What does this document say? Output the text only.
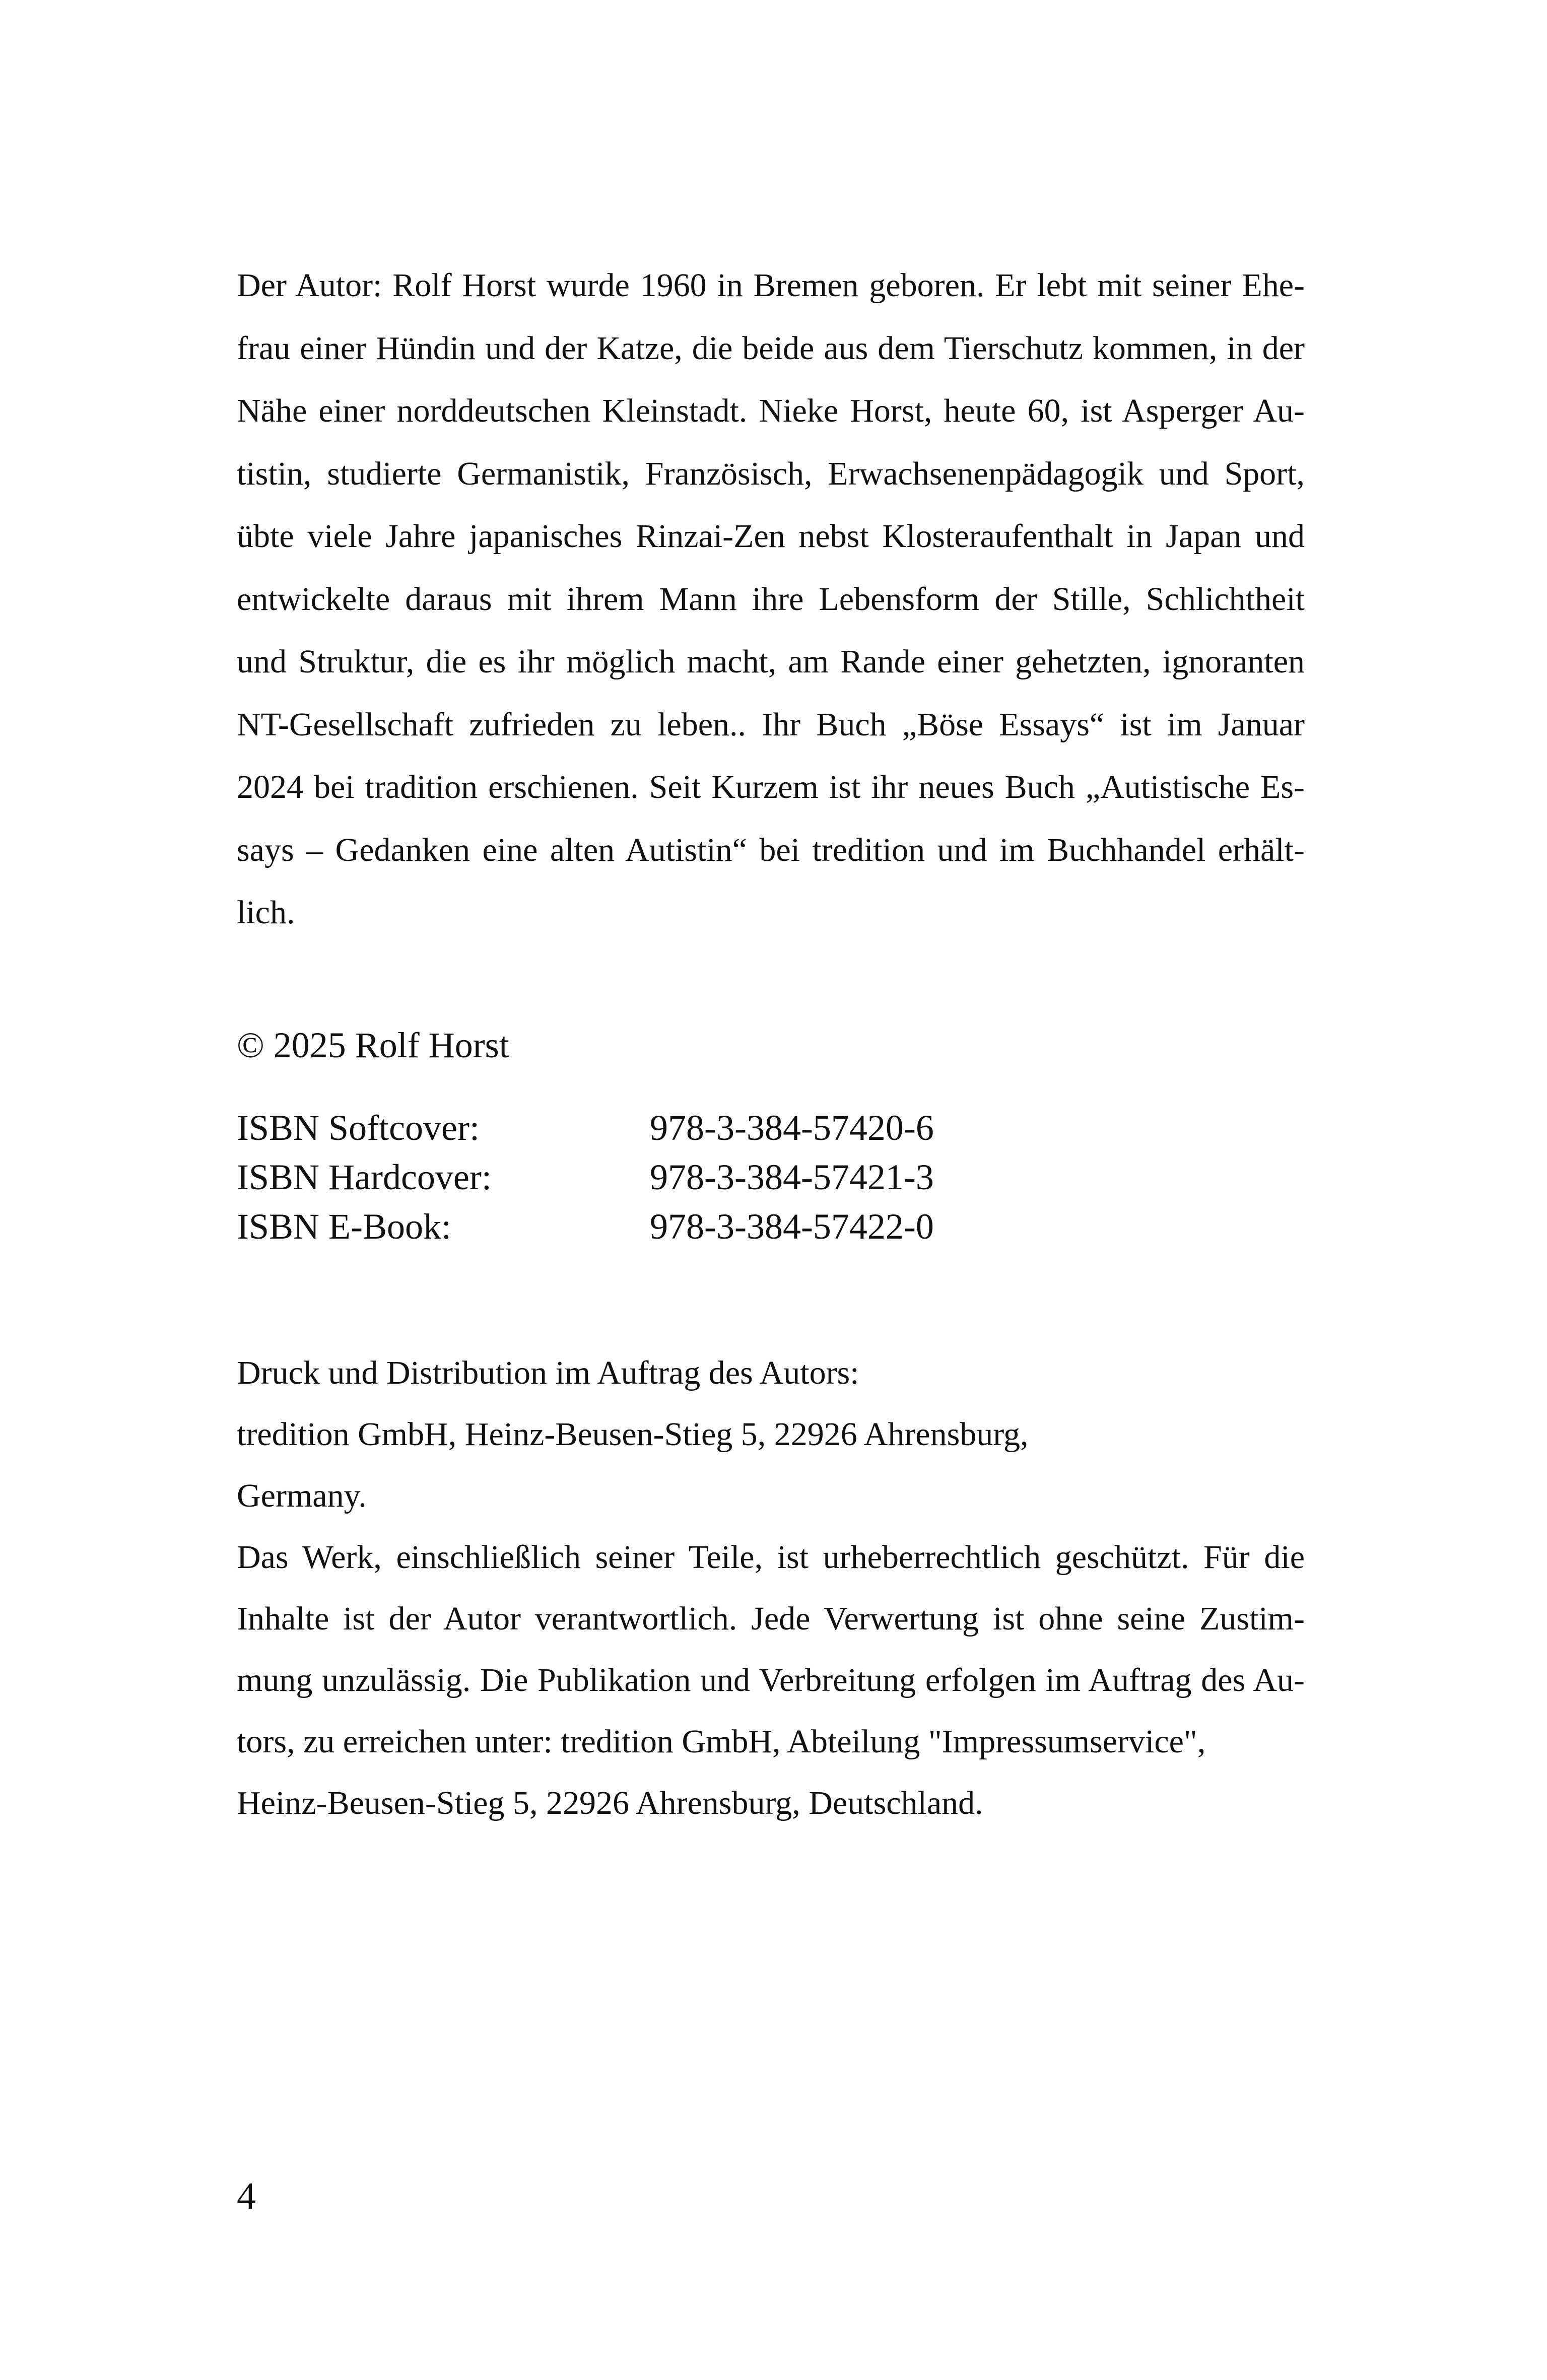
Der Autor: Rolf Horst wurde 1960 in Bremen geboren. Er lebt mit seiner Ehe-
frau einer Hündin und der Katze, die beide aus dem Tierschutz kommen, in der
Nähe einer norddeutschen Kleinstadt. Nieke Horst, heute 60, ist Asperger Au-
tistin, studierte Germanistik, Französisch, Erwachsenenpädagogik und Sport,
übte viele Jahre japanisches Rinzai-Zen nebst Klosteraufenthalt in Japan und
entwickelte daraus mit ihrem Mann ihre Lebensform der Stille, Schlichtheit
und Struktur, die es ihr möglich macht, am Rande einer gehetzten, ignoranten
NT-Gesellschaft zufrieden zu leben.. Ihr Buch „Böse Essays“ ist im Januar
2024 bei tradition erschienen. Seit Kurzem ist ihr neues Buch „Autistische Es-
says – Gedanken eine alten Autistin“ bei tredition und im Buchhandel erhält-
lich.

© 2025 Rolf Horst

ISBN Softcover:	978-3-384-57420-6
ISBN Hardcover:	978-3-384-57421-3
ISBN E-Book:	978-3-384-57422-0
Druck und Distribution im Auftrag des Autors:
tredition GmbH, Heinz-Beusen-Stieg 5, 22926 Ahrensburg,
Germany.
Das Werk, einschließlich seiner Teile, ist urheberrechtlich geschützt. Für die
Inhalte ist der Autor verantwortlich. Jede Verwertung ist ohne seine Zustim-
mung unzulässig. Die Publikation und Verbreitung erfolgen im Auftrag des Au-
tors, zu erreichen unter: tredition GmbH, Abteilung "Impressumservice",
Heinz-Beusen-Stieg 5, 22926 Ahrensburg, Deutschland.

4
